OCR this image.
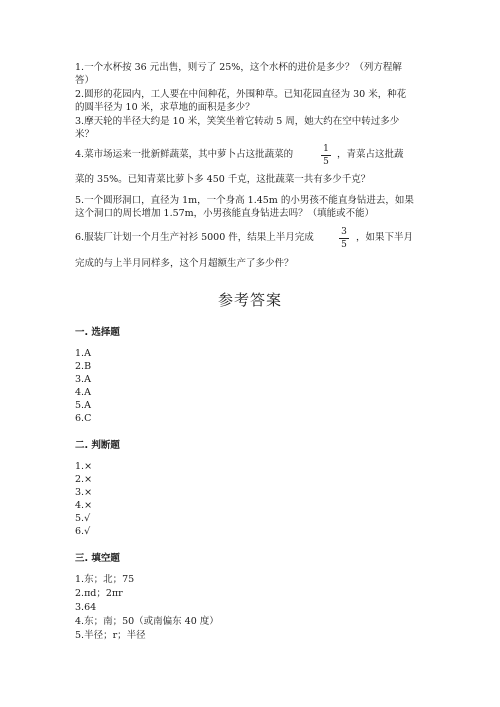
1.一个水杯按 36 元出售，则亏了 25%，这个水杯的进价是多少？（列方程解
答）
2.圆形的花园内，工人要在中间种花，外围种草。已知花园直径为 30 米，种花
的圆半径为 10 米，求草地的面积是多少？
3.摩天轮的半径大约是 10 米，笑笑坐着它转动 5 周，她大约在空中转过多少
米？
4.菜市场运来一批新鲜蔬菜，其中萝卜占这批蔬菜的	1
5
，青菜占这批蔬
菜的 35%。已知青菜比萝卜多 450 千克，这批蔬菜一共有多少千克？
5.一个圆形洞口，直径为 1m，一个身高 1.45m 的小男孩不能直身钻进去，如果
这个洞口的周长增加 1.57m，小男孩能直身钻进去吗？（填能或不能）
6.服装厂计划一个月生产衬衫 5000 件，结果上半月完成	3
5
，如果下半月
完成的与上半月同样多，这个月超额生产了多少件？
参考答案
一. 选择题
1.A
2.B
3.A
4.A
5.A
6.C
二. 判断题
1.×
2.×
3.×
4.×
5.√
6.√
三. 填空题
1.东；北；75
2.πd；2πr
3.64
4.东；南；50（或南偏东 40 度）
5.半径；r；半径
